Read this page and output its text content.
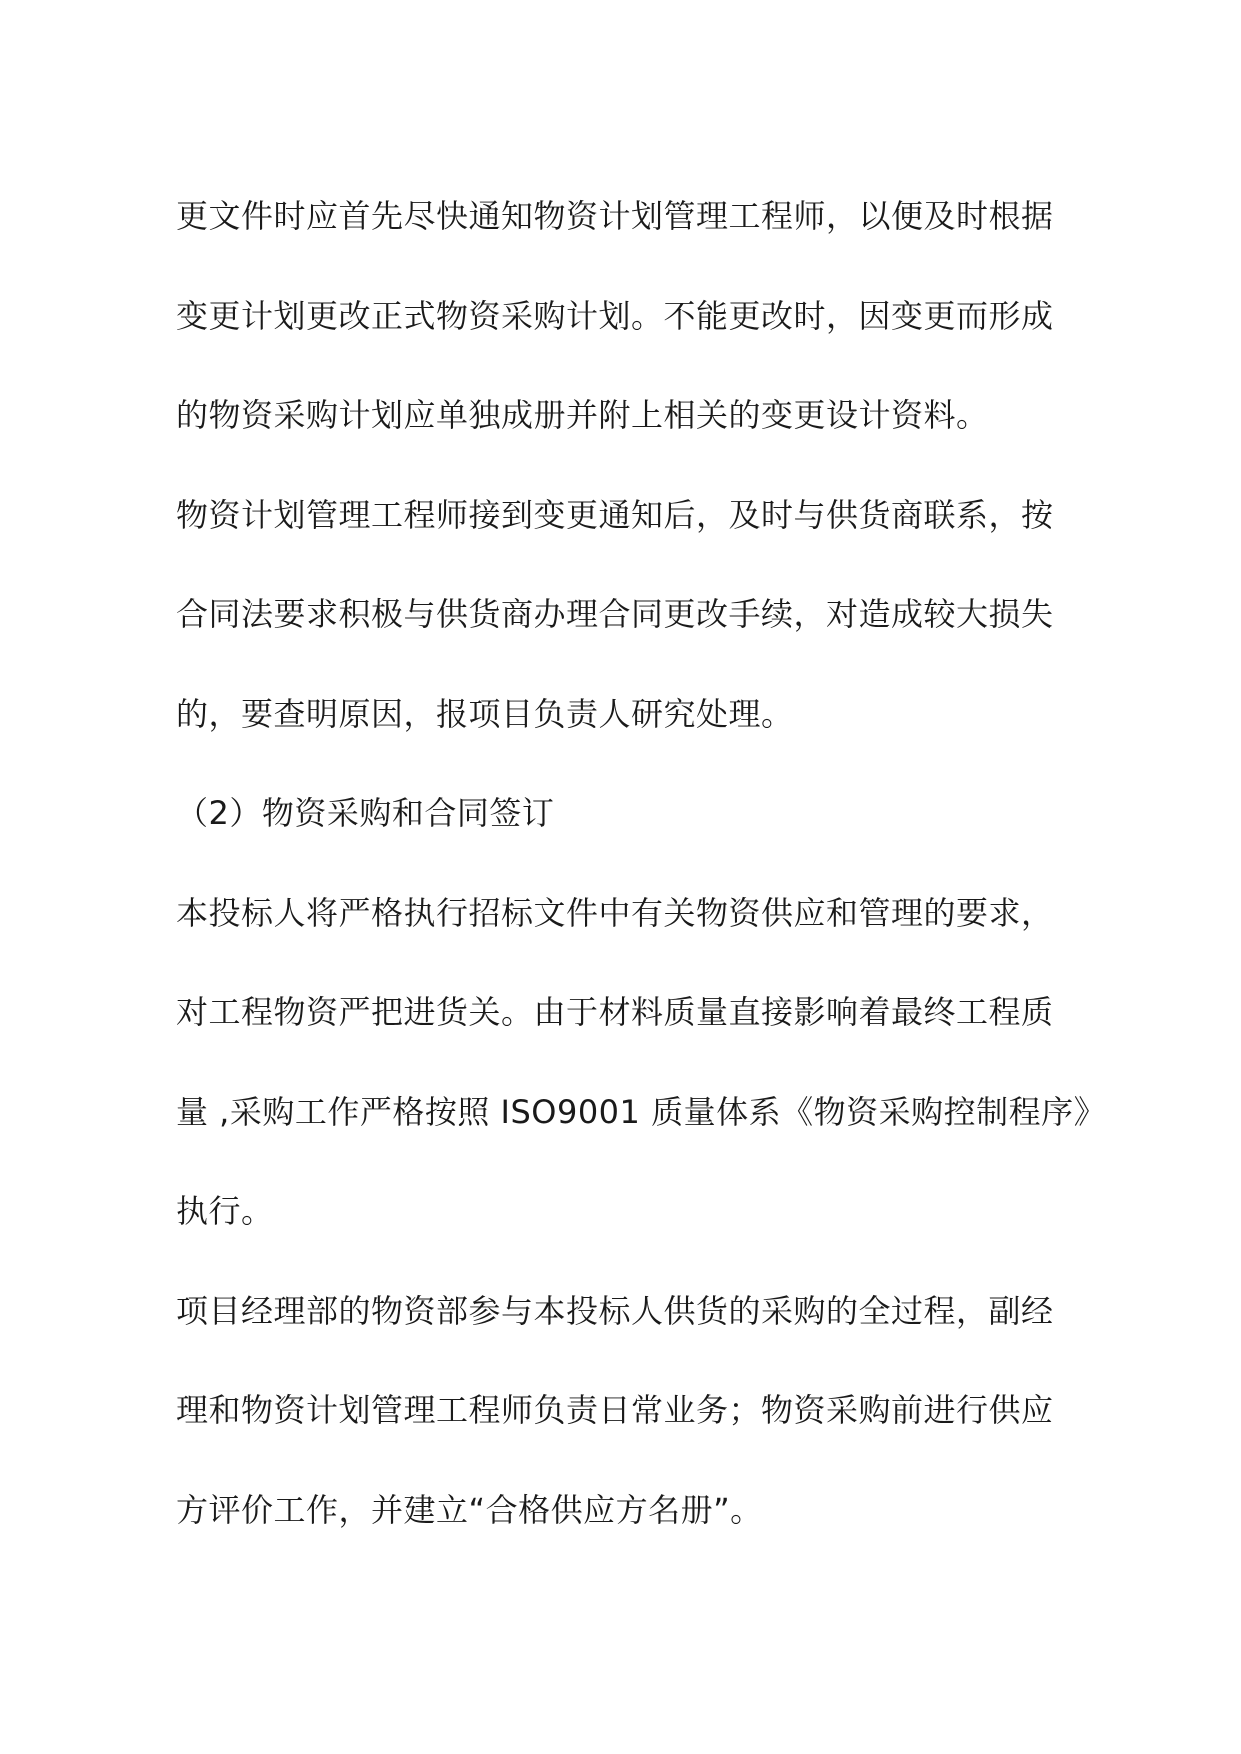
更文件时应首先尽快通知物资计划管理工程师，以便及时根据
变更计划更改正式物资采购计划。不能更改时，因变更而形成
的物资采购计划应单独成册并附上相关的变更设计资料。
物资计划管理工程师接到变更通知后，及时与供货商联系，按
合同法要求积极与供货商办理合同更改手续，对造成较大损失
的，要查明原因，报项目负责人研究处理。
（2）物资采购和合同签订
本投标人将严格执行招标文件中有关物资供应和管理的要求，
对工程物资严把进货关。由于材料质量直接影响着最终工程质
量 ,采购工作严格按照 ISO9001 质量体系《物资采购控制程序》
执行。
项目经理部的物资部参与本投标人供货的采购的全过程，副经
理和物资计划管理工程师负责日常业务；物资采购前进行供应
方评价工作，并建立“合格供应方名册”。
